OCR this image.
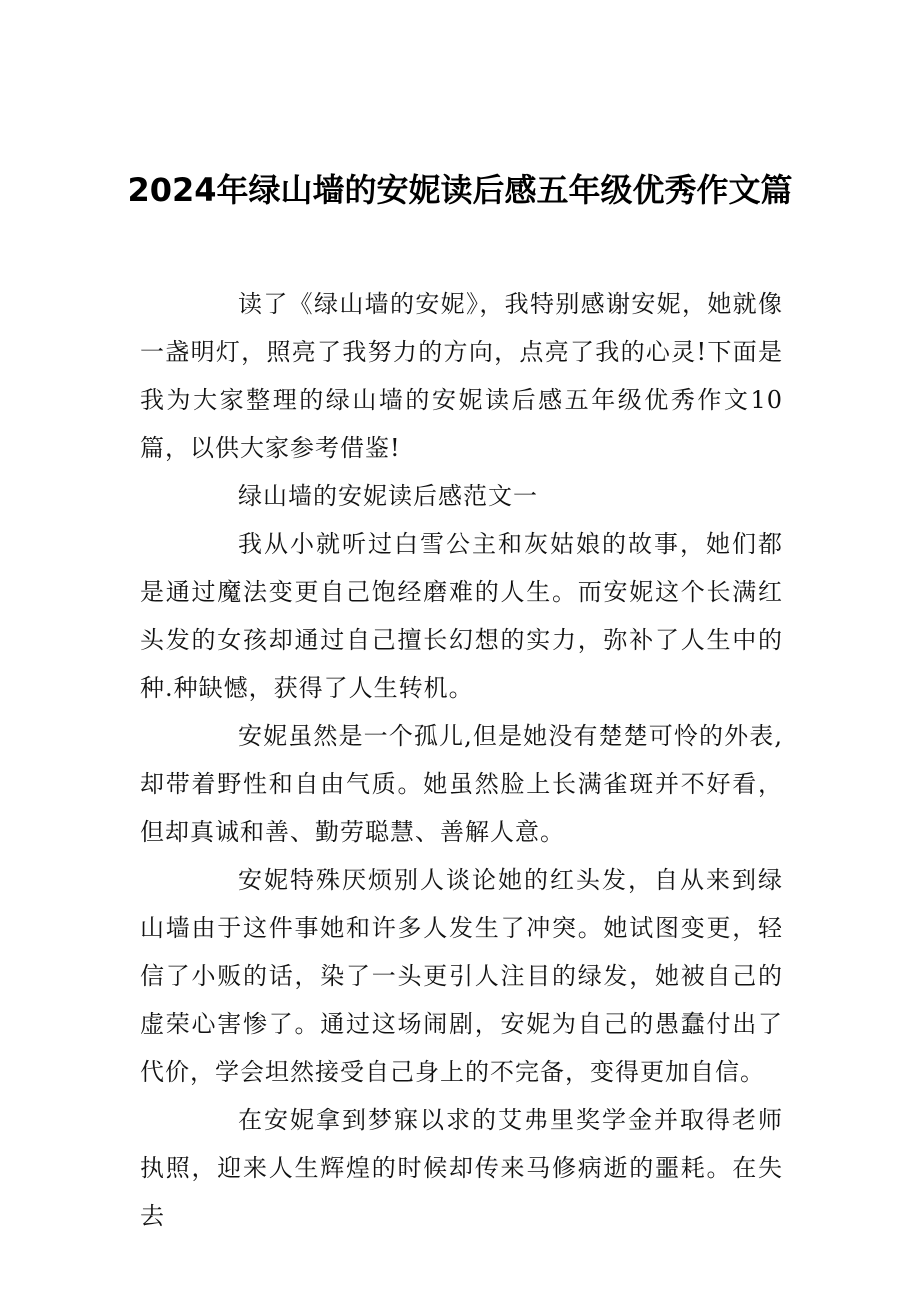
2024年绿山墙的安妮读后感五年级优秀作文篇

读了《绿山墙的安妮》，我特别感谢安妮，她就像一盏明灯，照亮了我努力的方向，点亮了我的心灵!下面是我为大家整理的绿山墙的安妮读后感五年级优秀作文10篇，以供大家参考借鉴!

绿山墙的安妮读后感范文一

我从小就听过白雪公主和灰姑娘的故事，她们都是通过魔法变更自己饱经磨难的人生。而安妮这个长满红头发的女孩却通过自己擅长幻想的实力，弥补了人生中的种.种缺憾，获得了人生转机。

安妮虽然是一个孤儿,但是她没有楚楚可怜的外表,却带着野性和自由气质。她虽然脸上长满雀斑并不好看，但却真诚和善、勤劳聪慧、善解人意。

安妮特殊厌烦别人谈论她的红头发，自从来到绿山墙由于这件事她和许多人发生了冲突。她试图变更，轻信了小贩的话，染了一头更引人注目的绿发，她被自己的虚荣心害惨了。通过这场闹剧，安妮为自己的愚蠢付出了代价，学会坦然接受自己身上的不完备，变得更加自信。

在安妮拿到梦寐以求的艾弗里奖学金并取得老师执照，迎来人生辉煌的时候却传来马修病逝的噩耗。在失去
